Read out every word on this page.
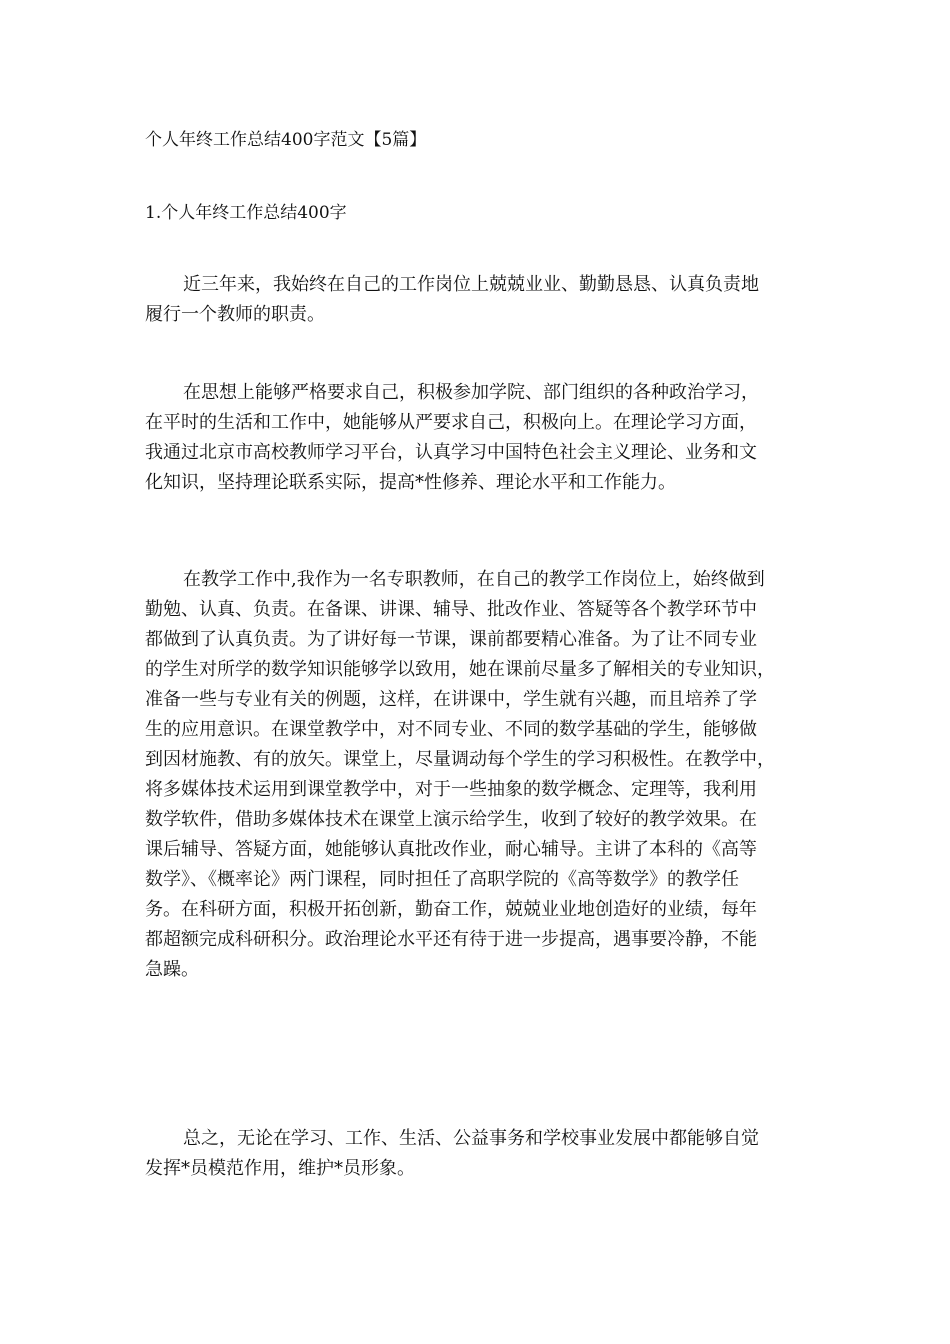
个人年终工作总结400字范文【5篇】
1.个人年终工作总结400字

近三年来，我始终在自己的工作岗位上兢兢业业、勤勤恳恳、认真负责地
履行一个教师的职责。

在思想上能够严格要求自己，积极参加学院、部门组织的各种政治学习，
在平时的生活和工作中，她能够从严要求自己，积极向上。在理论学习方面，
我通过北京市高校教师学习平台，认真学习中国特色社会主义理论、业务和文
化知识，坚持理论联系实际，提高*性修养、理论水平和工作能力。

在教学工作中,我作为一名专职教师，在自己的教学工作岗位上，始终做到
勤勉、认真、负责。在备课、讲课、辅导、批改作业、答疑等各个教学环节中
都做到了认真负责。为了讲好每一节课，课前都要精心准备。为了让不同专业
的学生对所学的数学知识能够学以致用，她在课前尽量多了解相关的专业知识，
准备一些与专业有关的例题，这样，在讲课中，学生就有兴趣，而且培养了学
生的应用意识。在课堂教学中，对不同专业、不同的数学基础的学生，能够做
到因材施教、有的放矢。课堂上，尽量调动每个学生的学习积极性。在教学中，
将多媒体技术运用到课堂教学中，对于一些抽象的数学概念、定理等，我利用
数学软件，借助多媒体技术在课堂上演示给学生，收到了较好的教学效果。在
课后辅导、答疑方面，她能够认真批改作业，耐心辅导。主讲了本科的《高等
数学》、《概率论》两门课程，同时担任了高职学院的《高等数学》的教学任
务。在科研方面，积极开拓创新，勤奋工作，兢兢业业地创造好的业绩，每年
都超额完成科研积分。政治理论水平还有待于进一步提高，遇事要冷静，不能
急躁。

总之，无论在学习、工作、生活、公益事务和学校事业发展中都能够自觉
发挥*员模范作用，维护*员形象。
